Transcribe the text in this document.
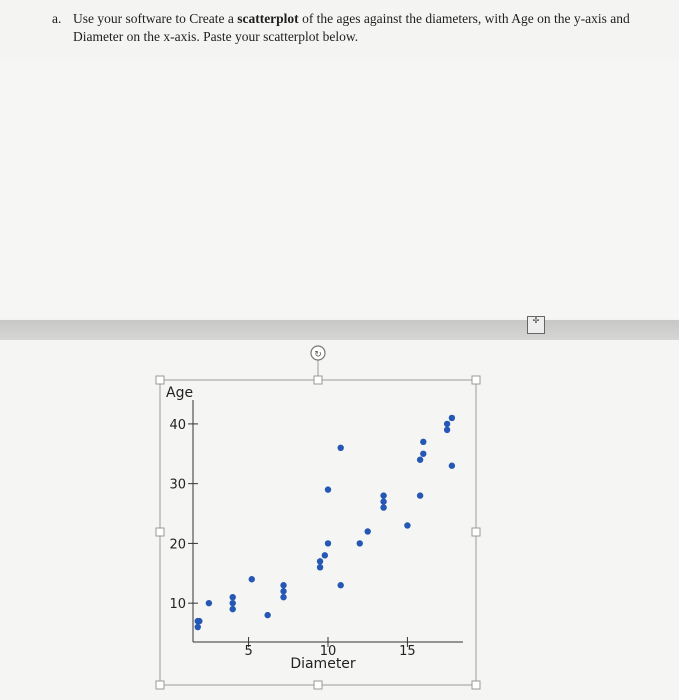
a. Use your software to Create a scatterplot of the ages against the diameters, with Age on the y-axis and
Diameter on the x-axis. Paste your scatterplot below.
✢
↻
Age
Diameter
10
20
30
40
5	10	15
